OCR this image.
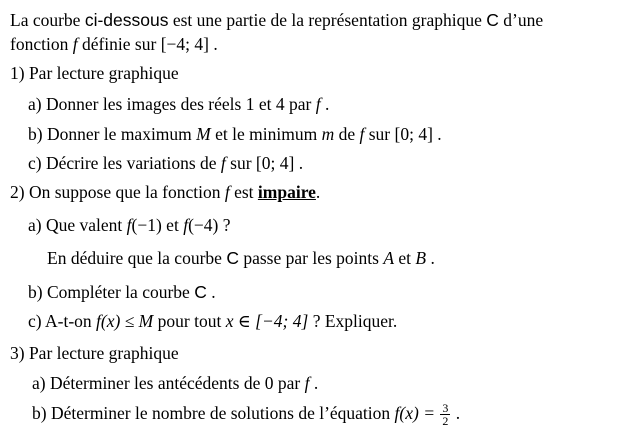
La courbe ci-dessous est une partie de la représentation graphique C d’une
fonction f définie sur [−4; 4] .
1) Par lecture graphique
a) Donner les images des réels 1 et 4 par f .
b) Donner le maximum M et le minimum m de f sur [0; 4] .
c) Décrire les variations de f sur [0; 4] .
2) On suppose que la fonction f est impaire.
a) Que valent f(−1) et f(−4) ?
En déduire que la courbe C passe par les points A et B .
b) Compléter la courbe C .
c) A-t-on f(x) ≤ M pour tout x ∈ [−4; 4] ? Expliquer.
3) Par lecture graphique
a) Déterminer les antécédents de 0 par f .
b) Déterminer le nombre de solutions de l’équation $f(x) = \frac{3}{2}$ .
